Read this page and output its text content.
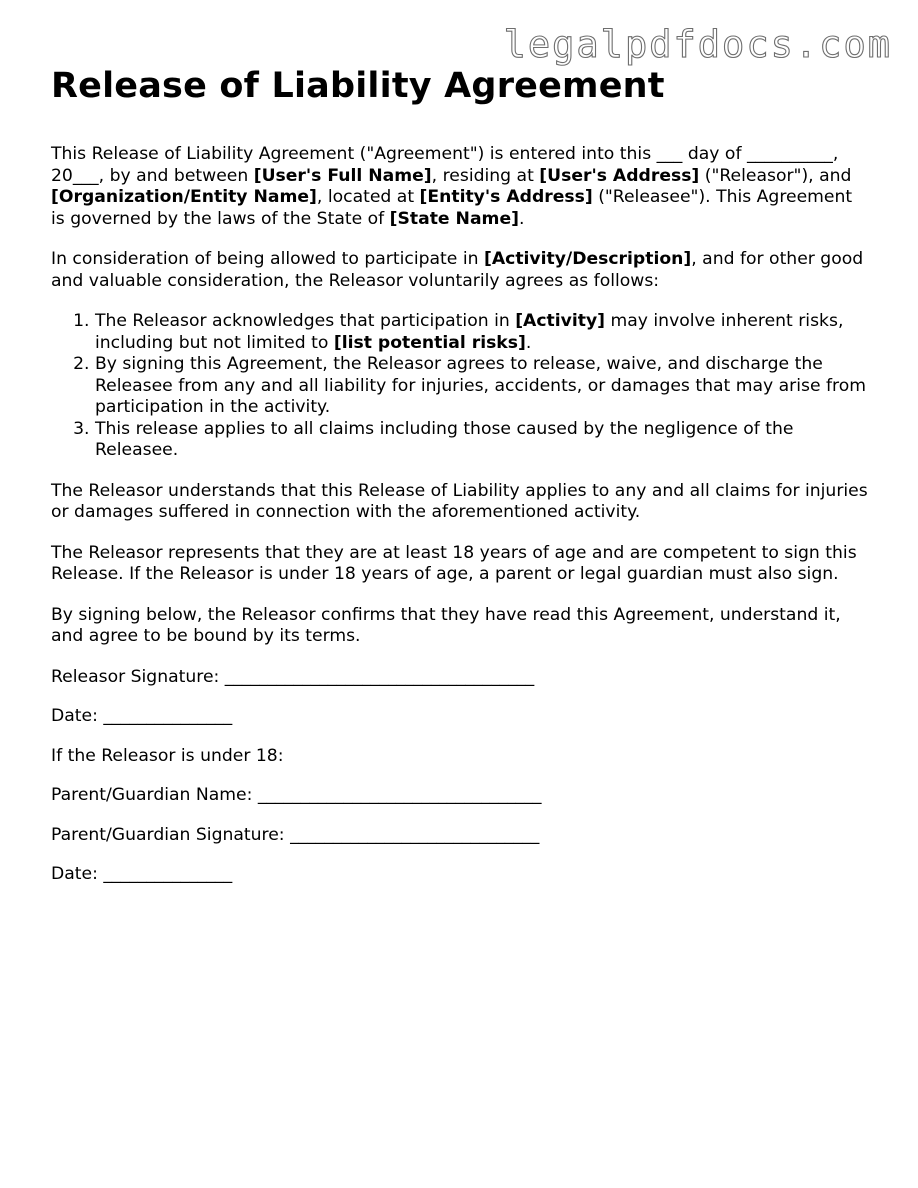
legalpdfdocs.com
Release of Liability Agreement

This Release of Liability Agreement ("Agreement") is entered into this ___ day of __________, 20___, by and between [User's Full Name], residing at [User's Address] ("Releasor"), and [Organization/Entity Name], located at [Entity's Address] ("Releasee"). This Agreement is governed by the laws of the State of [State Name].

In consideration of being allowed to participate in [Activity/Description], and for other good and valuable consideration, the Releasor voluntarily agrees as follows:

1. The Releasor acknowledges that participation in [Activity] may involve inherent risks, including but not limited to [list potential risks].
2. By signing this Agreement, the Releasor agrees to release, waive, and discharge the Releasee from any and all liability for injuries, accidents, or damages that may arise from participation in the activity.
3. This release applies to all claims including those caused by the negligence of the Releasee.

The Releasor understands that this Release of Liability applies to any and all claims for injuries or damages suffered in connection with the aforementioned activity.

The Releasor represents that they are at least 18 years of age and are competent to sign this Release. If the Releasor is under 18 years of age, a parent or legal guardian must also sign.

By signing below, the Releasor confirms that they have read this Agreement, understand it, and agree to be bound by its terms.

Releasor Signature: ____________________________________
Date: _______________
If the Releasor is under 18:
Parent/Guardian Name: _________________________________
Parent/Guardian Signature: _____________________________
Date: _______________
